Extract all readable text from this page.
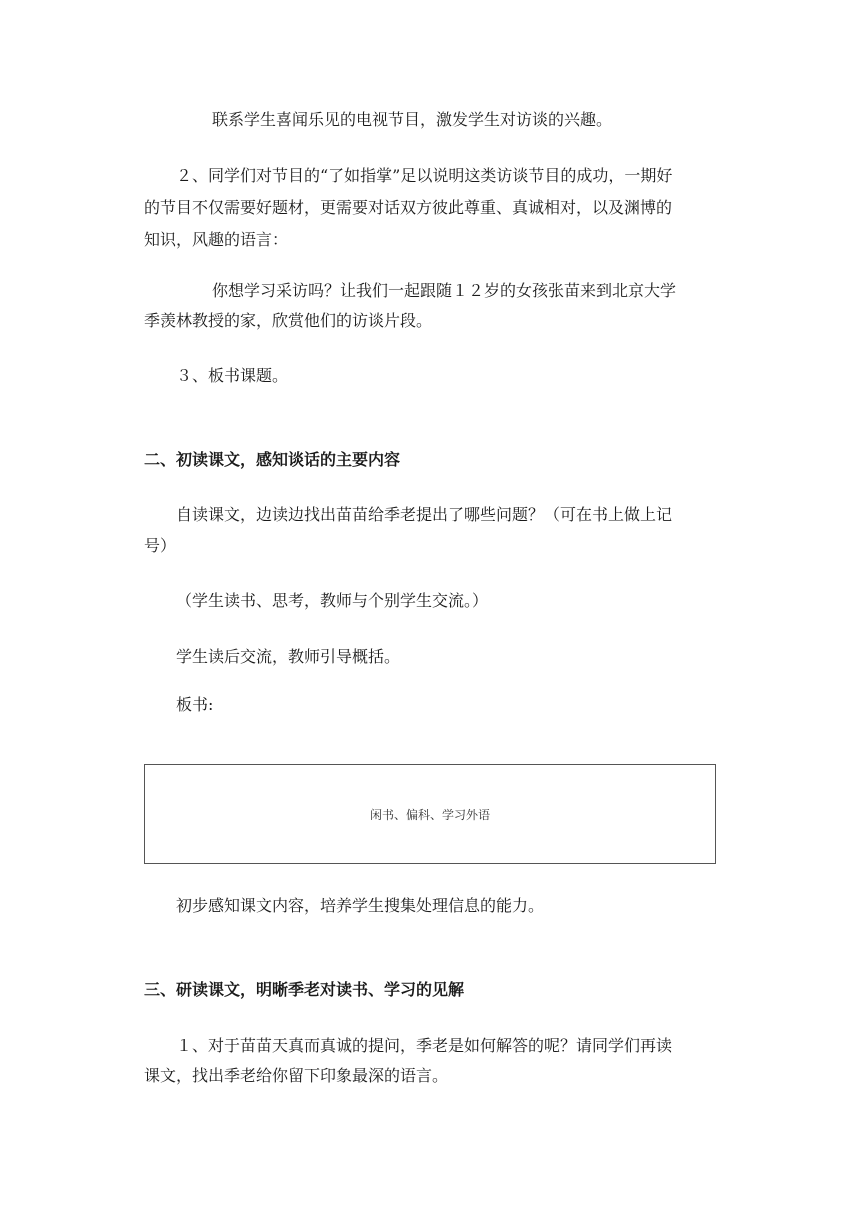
联系学生喜闻乐见的电视节目，激发学生对访谈的兴趣。
２、同学们对节目的“了如指掌”足以说明这类访谈节目的成功，一期好
的节目不仅需要好题材，更需要对话双方彼此尊重、真诚相对，以及渊博的
知识，风趣的语言：
你想学习采访吗？让我们一起跟随１２岁的女孩张苗来到北京大学
季羡林教授的家，欣赏他们的访谈片段。
３、板书课题。
二、初读课文，感知谈话的主要内容
自读课文，边读边找出苗苗给季老提出了哪些问题？（可在书上做上记
号）
（学生读书、思考，教师与个别学生交流。）
学生读后交流，教师引导概括。
板书:
闲书、偏科、学习外语
初步感知课文内容，培养学生搜集处理信息的能力。
三、研读课文，明晰季老对读书、学习的见解
１、对于苗苗天真而真诚的提问，季老是如何解答的呢？请同学们再读
课文，找出季老给你留下印象最深的语言。
